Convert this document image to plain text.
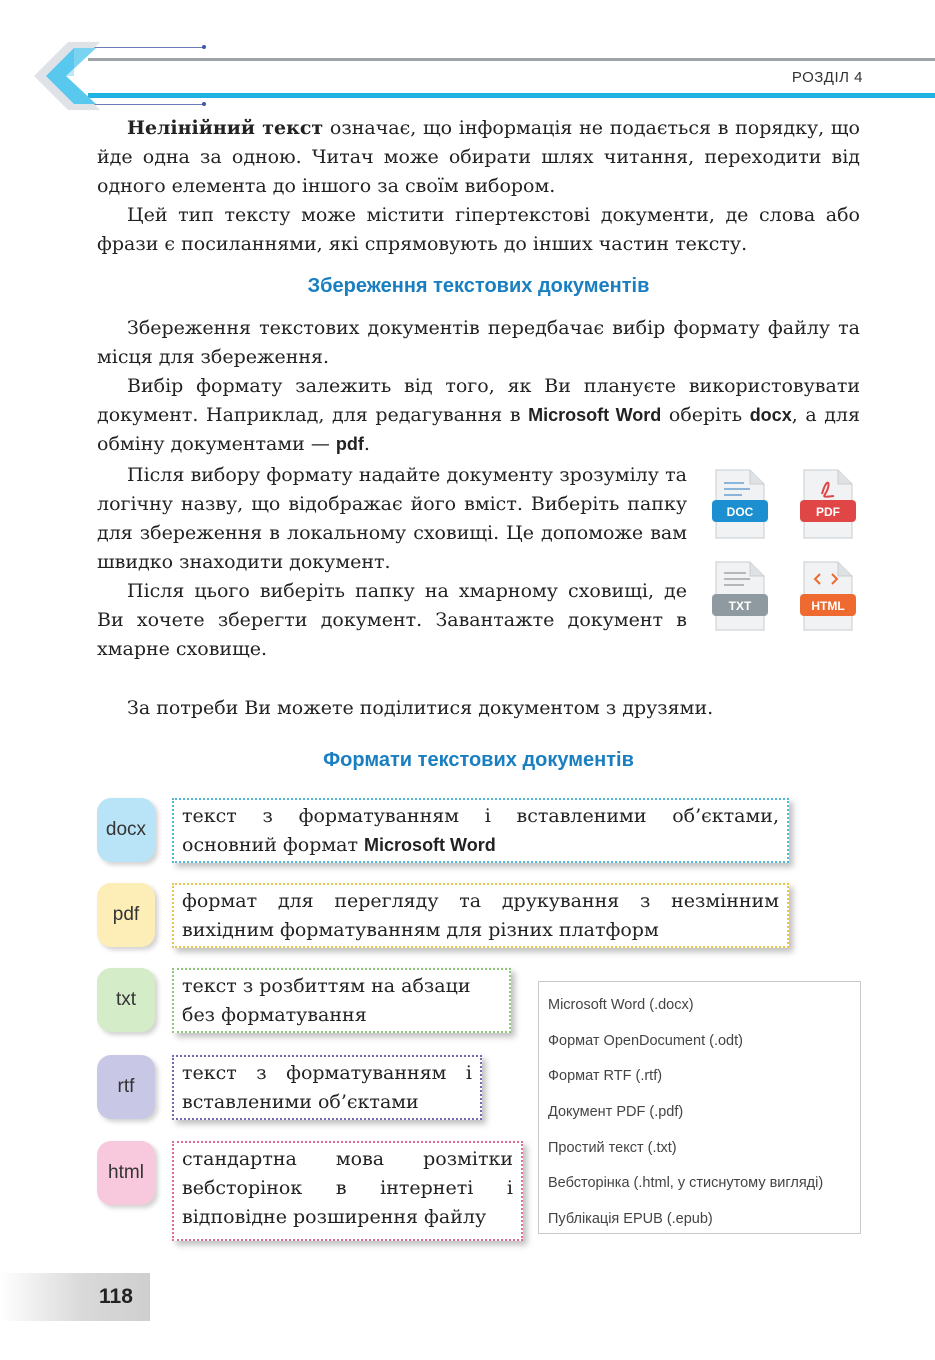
РОЗДІЛ 4

Нелінійний текст означає, що інформація не подається в порядку, що йде одна за одною. Читач може обирати шлях читання, переходити від одного елемента до іншого за своїм вибором.

Цей тип тексту може містити гіпертекстові документи, де слова або фрази є посиланнями, які спрямовують до інших частин тексту.

Збереження текстових документів

Збереження текстових документів передбачає вибір формату файлу та місця для збереження.

Вибір формату залежить від того, як Ви плануєте використовувати документ. Наприклад, для редагування в Microsoft Word оберіть docx, а для обміну документами — pdf.

Після вибору формату надайте документу зрозумілу та логічну назву, що відображає його вміст. Виберіть папку для збереження в локальному сховищі. Це допоможе вам швидко знаходити документ.

Після цього виберіть папку на хмарному сховищі, де Ви хочете зберегти документ. Завантажте документ в хмарне сховище.

За потреби Ви можете поділитися документом з друзями.

DOC	PDF
TXT	HTML
Формати текстових документів
docx
текст з форматуванням і вставленими об’єктами, основний формат Microsoft Word
pdf
формат для перегляду та друкування з незмінним вихідним форматуванням для різних платформ
txt
текст з розбиттям на абзаци без форматування
rtf
текст з форматуванням і вставленими об’єктами
html
стандартна мова розмітки вебсторінок в інтернеті і відповідне розширення файлу
Microsoft Word (.docx)
Формат OpenDocument (.odt)
Формат RTF (.rtf)
Документ PDF (.pdf)
Простий текст (.txt)
Вебсторінка (.html, у стиснутому вигляді)
Публікація EPUB (.epub)
118
